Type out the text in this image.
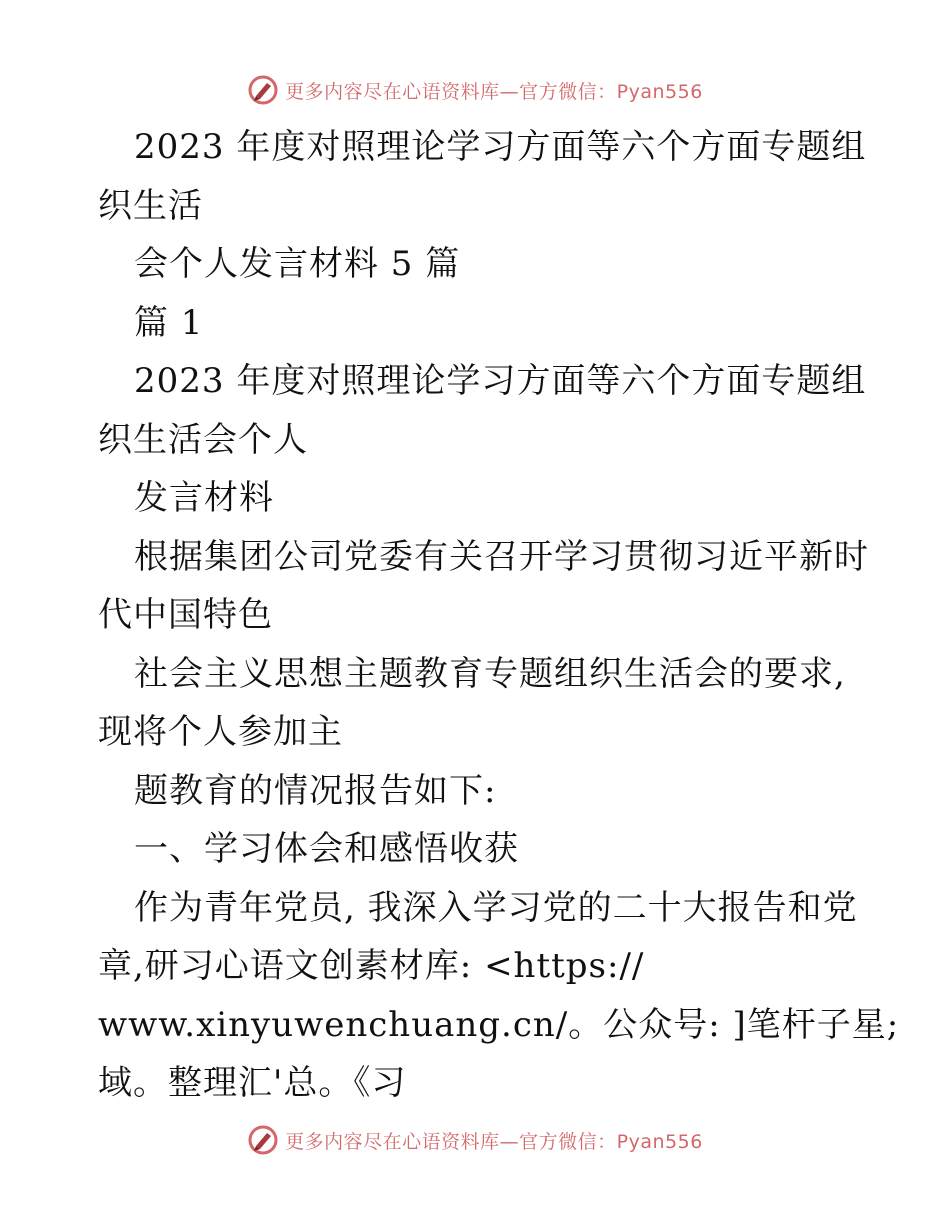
更多内容尽在心语资料库—官方微信：Pyan556
2023 年度对照理论学习方面等六个方面专题组
织生活
会个人发言材料 5 篇
篇 1
2023 年度对照理论学习方面等六个方面专题组
织生活会个人
发言材料
根据集团公司党委有关召开学习贯彻习近平新时
代中国特色
社会主义思想主题教育专题组织生活会的要求,
现将个人参加主
题教育的情况报告如下:
一、学习体会和感悟收获
作为青年党员, 我深入学习党的二十大报告和党
章,研习心语文创素材库: <https://
www.xinyuwenchuang.cn/。公众号: ]笔杆子星;
域。整理汇'总。《习
更多内容尽在心语资料库—官方微信：Pyan556
